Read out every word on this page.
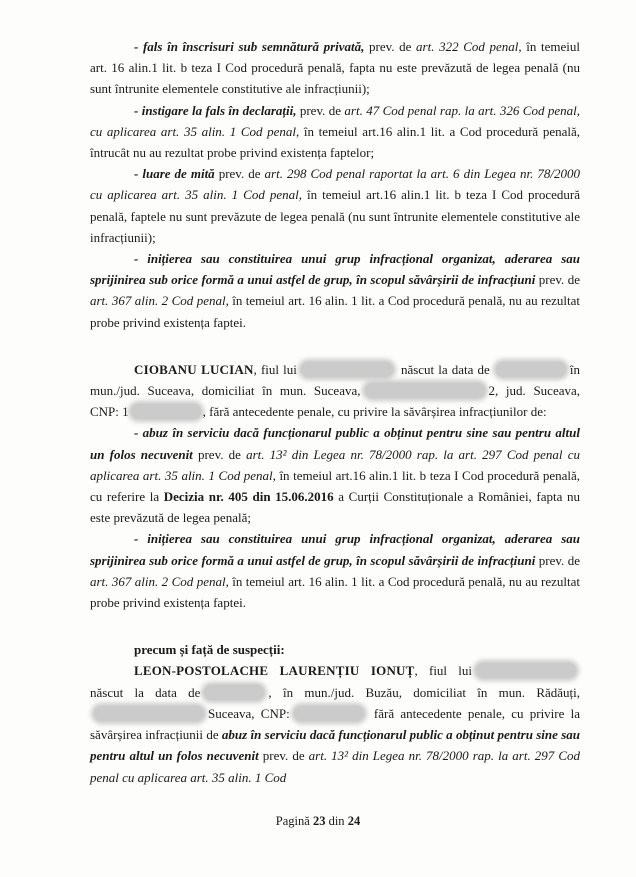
- fals în înscrisuri sub semnătură privată, prev. de art. 322 Cod penal, în temeiul art. 16 alin.1 lit. b teza I Cod procedură penală, fapta nu este prevăzută de legea penală (nu sunt întrunite elementele constitutive ale infracțiunii);

- instigare la fals în declarații, prev. de art. 47 Cod penal rap. la art. 326 Cod penal, cu aplicarea art. 35 alin. 1 Cod penal, în temeiul art.16 alin.1 lit. a Cod procedură penală, întrucât nu au rezultat probe privind existența faptelor;

- luare de mită prev. de art. 298 Cod penal raportat la art. 6 din Legea nr. 78/2000 cu aplicarea art. 35 alin. 1 Cod penal, în temeiul art.16 alin.1 lit. b teza I Cod procedură penală, faptele nu sunt prevăzute de legea penală (nu sunt întrunite elementele constitutive ale infracțiunii);

- inițierea sau constituirea unui grup infracțional organizat, aderarea sau sprijinirea sub orice formă a unui astfel de grup, în scopul săvârșirii de infracțiuni prev. de art. 367 alin. 2 Cod penal, în temeiul art. 16 alin. 1 lit. a Cod procedură penală, nu au rezultat probe privind existența faptei.

CIOBANU LUCIAN, fiul lui	născut la data de	în mun./jud. Suceava, domiciliat în mun. Suceava,	2, jud. Suceava, CNP: 1	, fără antecedente penale, cu privire la săvârșirea infracțiunilor de:

- abuz în serviciu dacă funcționarul public a obținut pentru sine sau pentru altul un folos necuvenit prev. de art. 13² din Legea nr. 78/2000 rap. la art. 297 Cod penal cu aplicarea art. 35 alin. 1 Cod penal, în temeiul art.16 alin.1 lit. b teza I Cod procedură penală, cu referire la Decizia nr. 405 din 15.06.2016 a Curții Constituționale a României, fapta nu este prevăzută de legea penală;

- inițierea sau constituirea unui grup infracțional organizat, aderarea sau sprijinirea sub orice formă a unui astfel de grup, în scopul săvârșirii de infracțiuni prev. de art. 367 alin. 2 Cod penal, în temeiul art. 16 alin. 1 lit. a Cod procedură penală, nu au rezultat probe privind existența faptei.

precum și față de suspecții:

LEON-POSTOLACHE LAURENȚIU IONUȚ, fiul lui născut la data de	, în mun./jud. Buzău, domiciliat în mun. Rădăuți,Suceava, CNP:	fără antecedente penale, cu privire la săvârșirea infracțiunii de abuz în serviciu dacă funcționarul public a obținut pentru sine sau pentru altul un folos necuvenit prev. de art. 13² din Legea nr. 78/2000 rap. la art. 297 Cod penal cu aplicarea art. 35 alin. 1 Cod

Pagină 23 din 24
